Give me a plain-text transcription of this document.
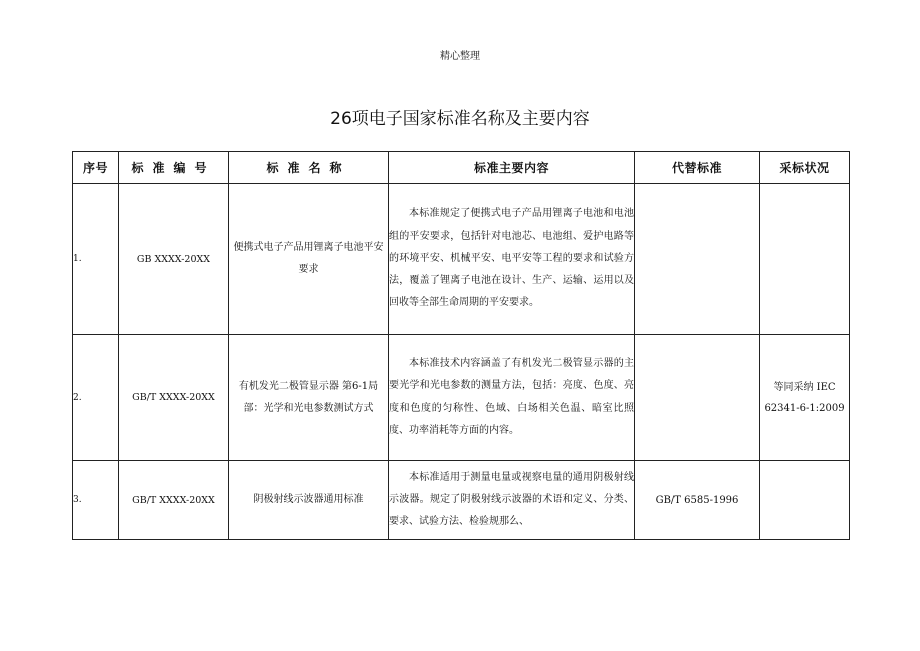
精心整理
26项电子国家标准名称及主要内容
序号	标准编号	标准名称	标准主要内容	代替标准	采标状况
1.	GB XXXX-20XX	便携式电子产品用锂离子电池平安要求	本标准规定了便携式电子产品用锂离子电池和电池组的平安要求，包括针对电池芯、电池组、爱护电路等的环境平安、机械平安、电平安等工程的要求和试验方法，覆盖了锂离子电池在设计、生产、运输、运用以及回收等全部生命周期的平安要求。		

2.	GB/T XXXX-20XX	有机发光二极管显示器 第6-1局部：光学和光电参数测试方式	本标准技术内容涵盖了有机发光二极管显示器的主要光学和光电参数的测量方法，包括：亮度、色度、亮度和色度的匀称性、色域、白场相关色温、暗室比照度、功率消耗等方面的内容。		等同采纳 IEC 62341-6-1:2009
3.	GB/T XXXX-20XX	阴极射线示波器通用标准	本标准适用于测量电量或视察电量的通用阴极射线示波器。规定了阴极射线示波器的术语和定义、分类、要求、试验方法、检验规那么、	GB/T 6585-1996	
